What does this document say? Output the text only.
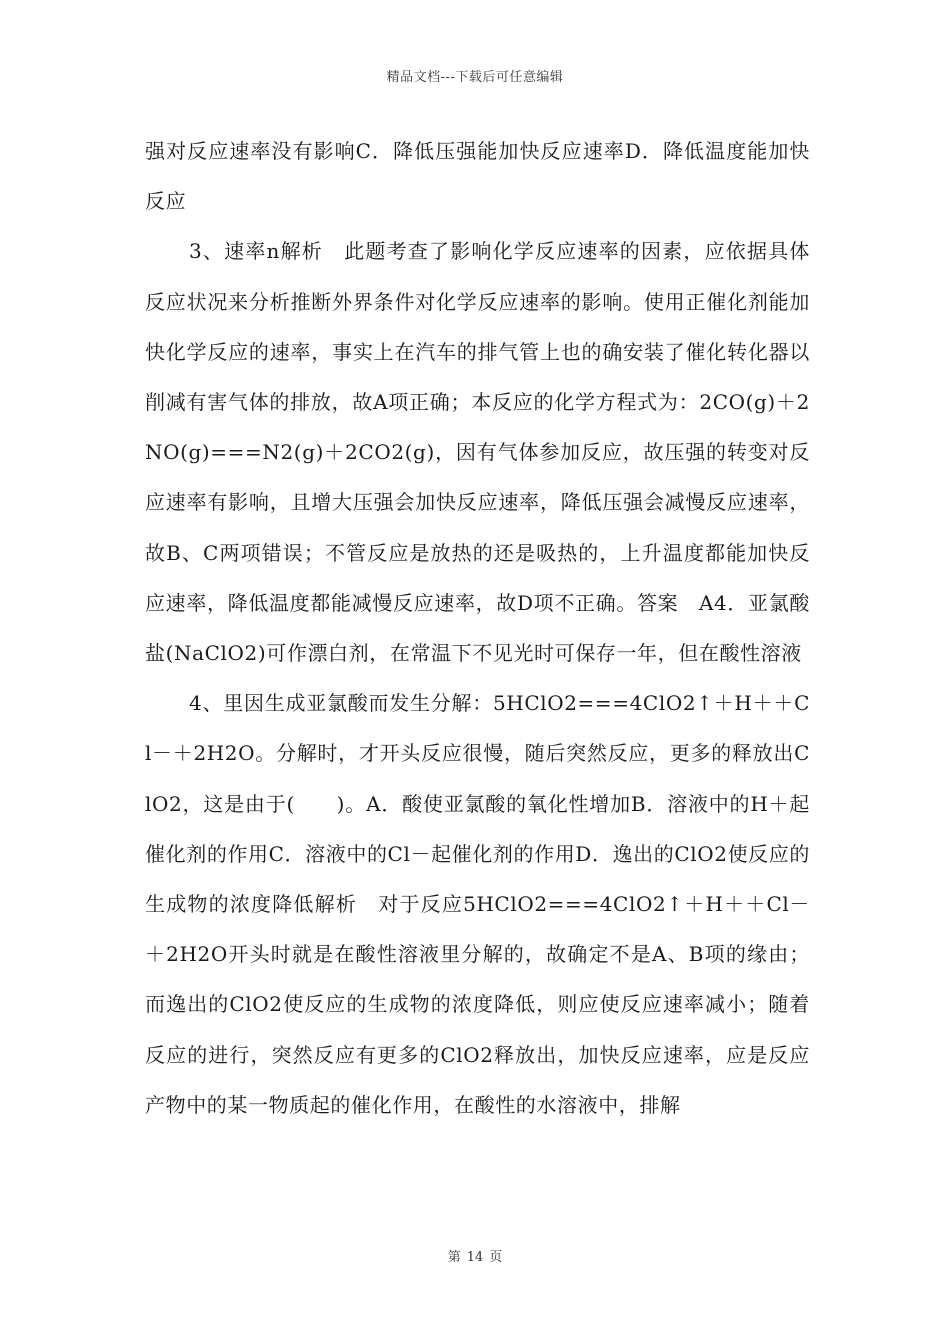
精品文档---下载后可任意编辑

强对反应速率没有影响C．降低压强能加快反应速率D．降低温度能加快反应

3、速率n解析　此题考查了影响化学反应速率的因素，应依据具体反应状况来分析推断外界条件对化学反应速率的影响。使用正催化剂能加快化学反应的速率，事实上在汽车的排气管上也的确安装了催化转化器以削减有害气体的排放，故A项正确；本反应的化学方程式为：2CO(g)＋2NO(g)===N2(g)＋2CO2(g)，因有气体参加反应，故压强的转变对反应速率有影响，且增大压强会加快反应速率，降低压强会减慢反应速率，故B、C两项错误；不管反应是放热的还是吸热的，上升温度都能加快反应速率，降低温度都能减慢反应速率，故D项不正确。答案　A4．亚氯酸盐(NaClO2)可作漂白剂，在常温下不见光时可保存一年，但在酸性溶液

4、里因生成亚氯酸而发生分解：5HClO2===4ClO2↑＋H＋＋Cl－＋2H2O。分解时，才开头反应很慢，随后突然反应，更多的释放出ClO2，这是由于(　　)。A．酸使亚氯酸的氧化性增加B．溶液中的H＋起催化剂的作用C．溶液中的Cl－起催化剂的作用D．逸出的ClO2使反应的生成物的浓度降低解析　对于反应5HClO2===4ClO2↑＋H＋＋Cl－＋2H2O开头时就是在酸性溶液里分解的，故确定不是A、B项的缘由；而逸出的ClO2使反应的生成物的浓度降低，则应使反应速率减小；随着反应的进行，突然反应有更多的ClO2释放出，加快反应速率，应是反应产物中的某一物质起的催化作用，在酸性的水溶液中，排解

第 14 页
